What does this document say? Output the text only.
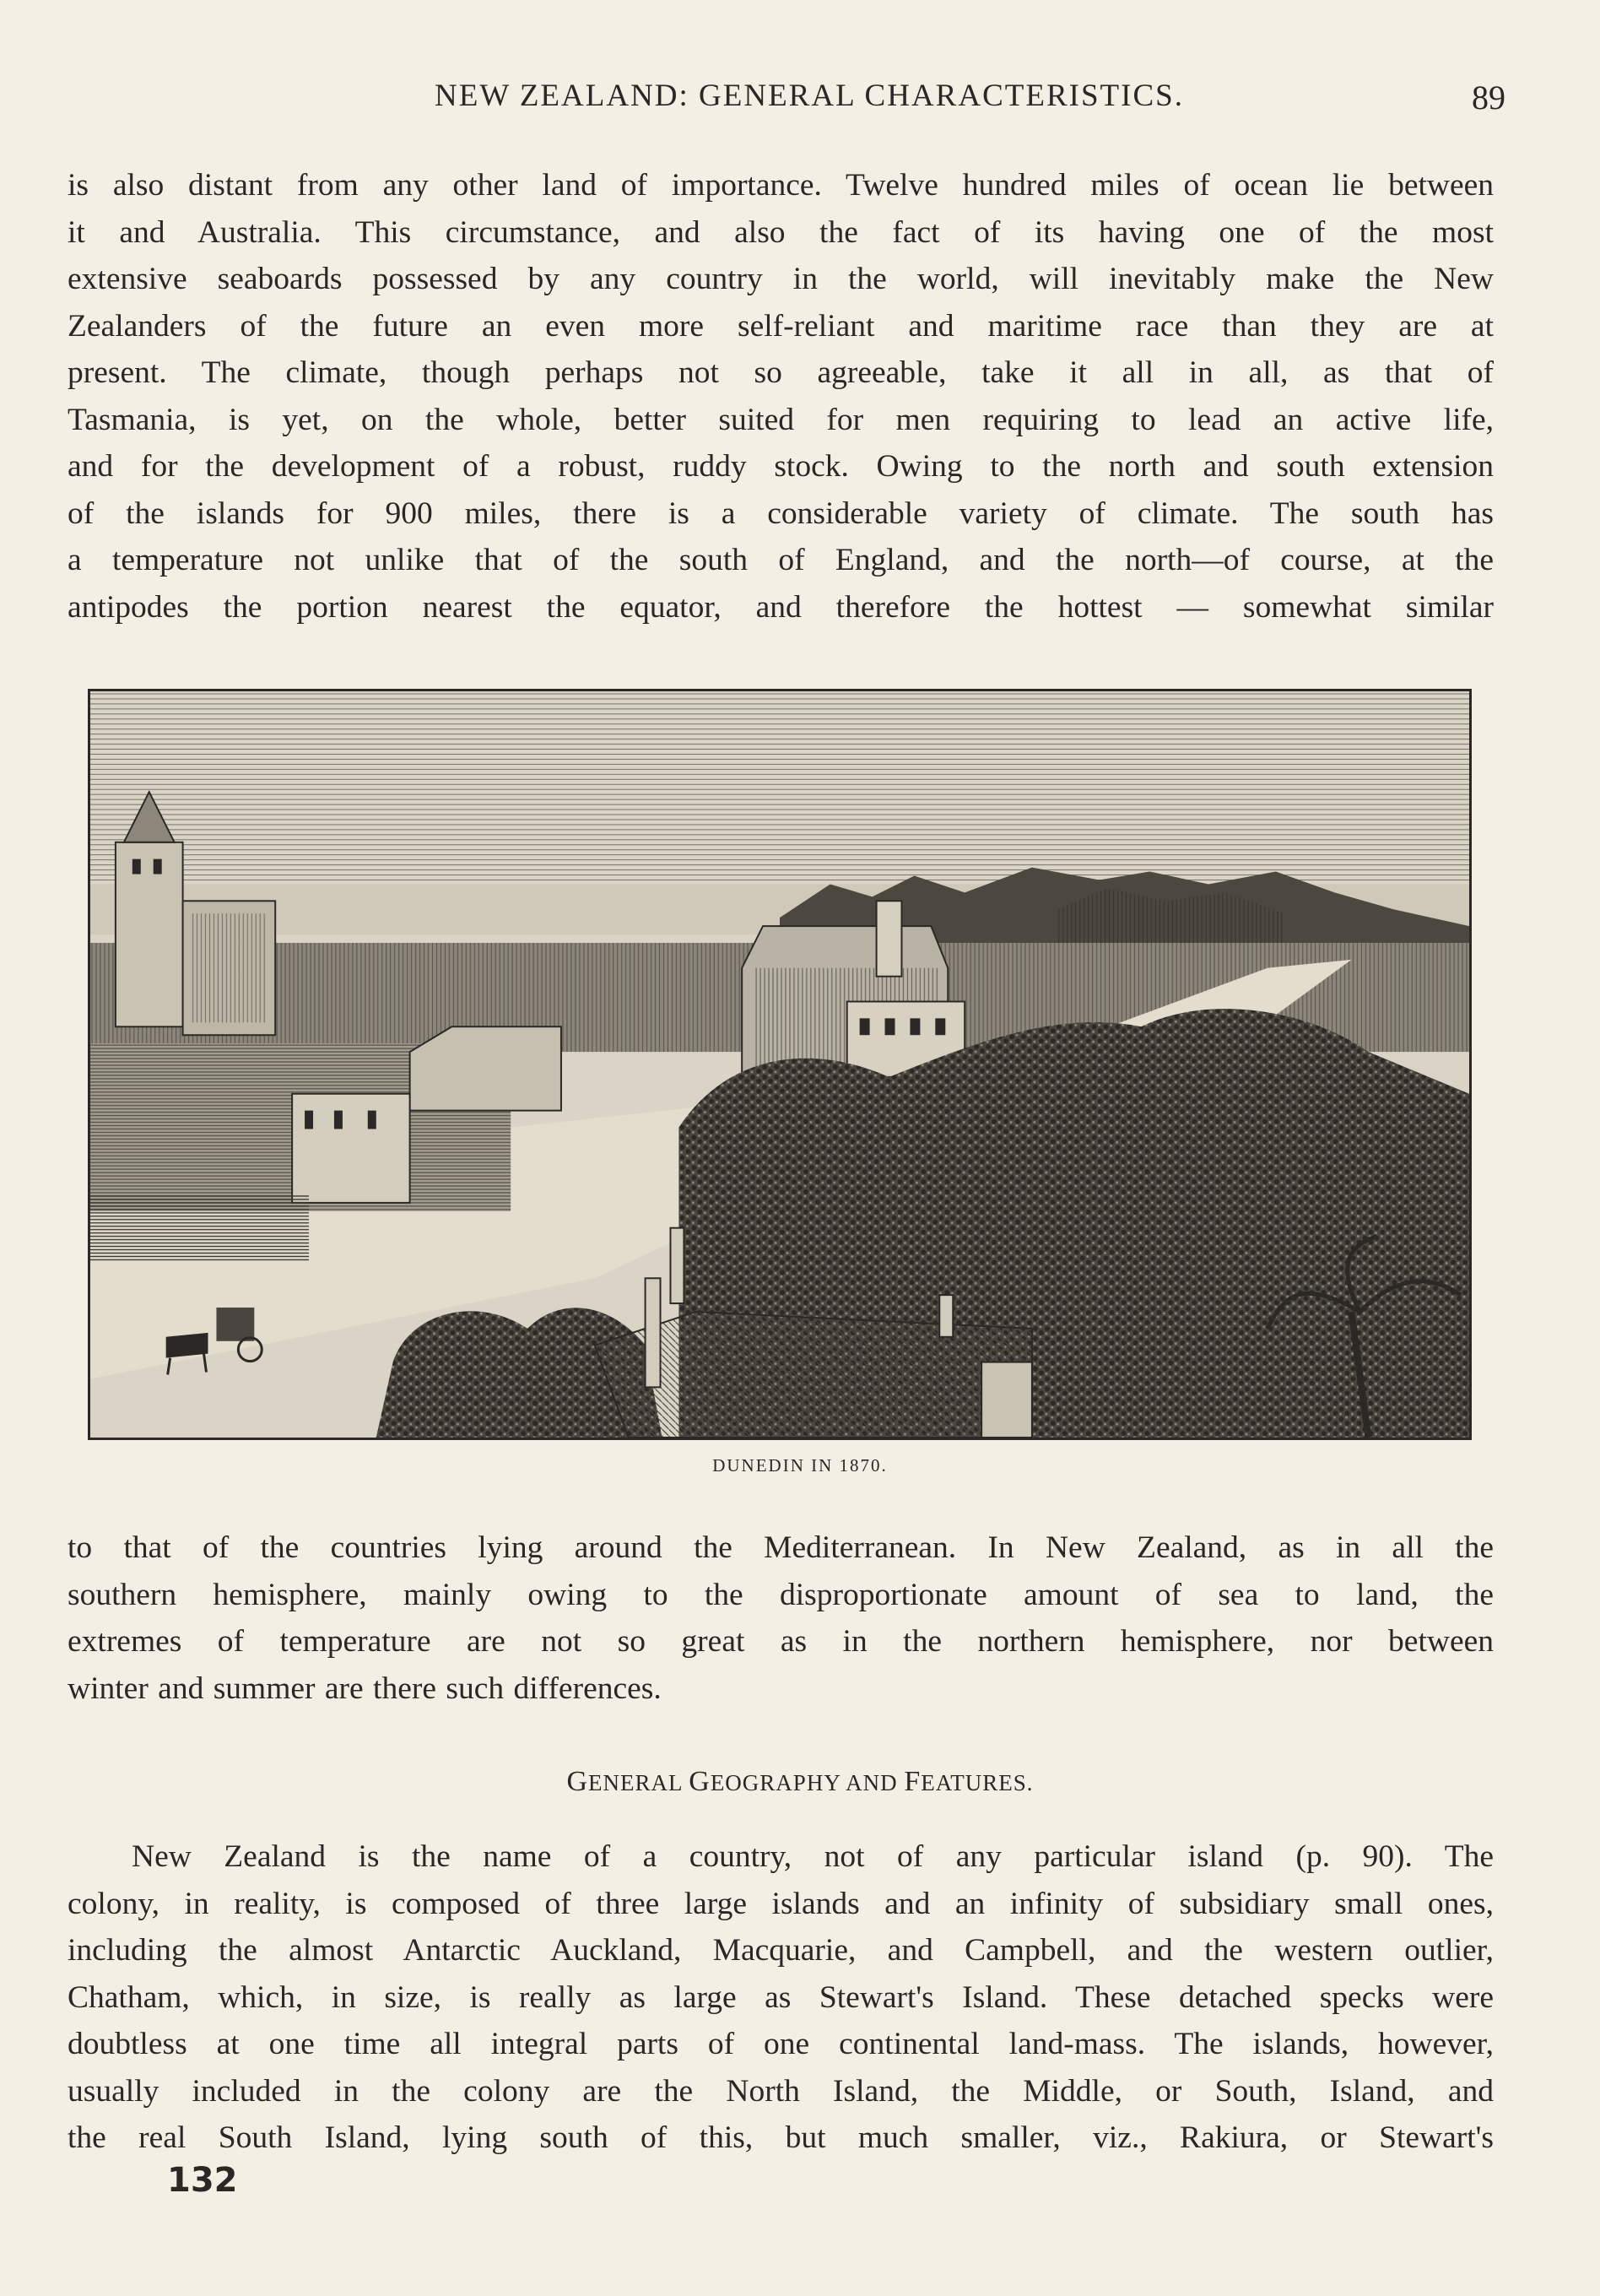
NEW ZEALAND: GENERAL CHARACTERISTICS.	89
is also distant from any other land of importance. Twelve hundred miles of ocean lie between
it and Australia. This circumstance, and also the fact of its having one of the most
extensive seaboards possessed by any country in the world, will inevitably make the New
Zealanders of the future an even more self-reliant and maritime race than they are at
present. The climate, though perhaps not so agreeable, take it all in all, as that of
Tasmania, is yet, on the whole, better suited for men requiring to lead an active life,
and for the development of a robust, ruddy stock. Owing to the north and south extension
of the islands for 900 miles, there is a considerable variety of climate. The south has
a temperature not unlike that of the south of England, and the north—of course, at the
antipodes the portion nearest the equator, and therefore the hottest — somewhat similar
DUNEDIN IN 1870.
to that of the countries lying around the Mediterranean. In New Zealand, as in all the
southern hemisphere, mainly owing to the disproportionate amount of sea to land, the
extremes of temperature are not so great as in the northern hemisphere, nor between
winter and summer are there such differences.
GENERAL GEOGRAPHY AND FEATURES.
New Zealand is the name of a country, not of any particular island (p. 90). The
colony, in reality, is composed of three large islands and an infinity of subsidiary small ones,
including the almost Antarctic Auckland, Macquarie, and Campbell, and the western outlier,
Chatham, which, in size, is really as large as Stewart's Island. These detached specks were
doubtless at one time all integral parts of one continental land-mass. The islands, however,
usually included in the colony are the North Island, the Middle, or South, Island, and
the real South Island, lying south of this, but much smaller, viz., Rakiura, or Stewart's
132
